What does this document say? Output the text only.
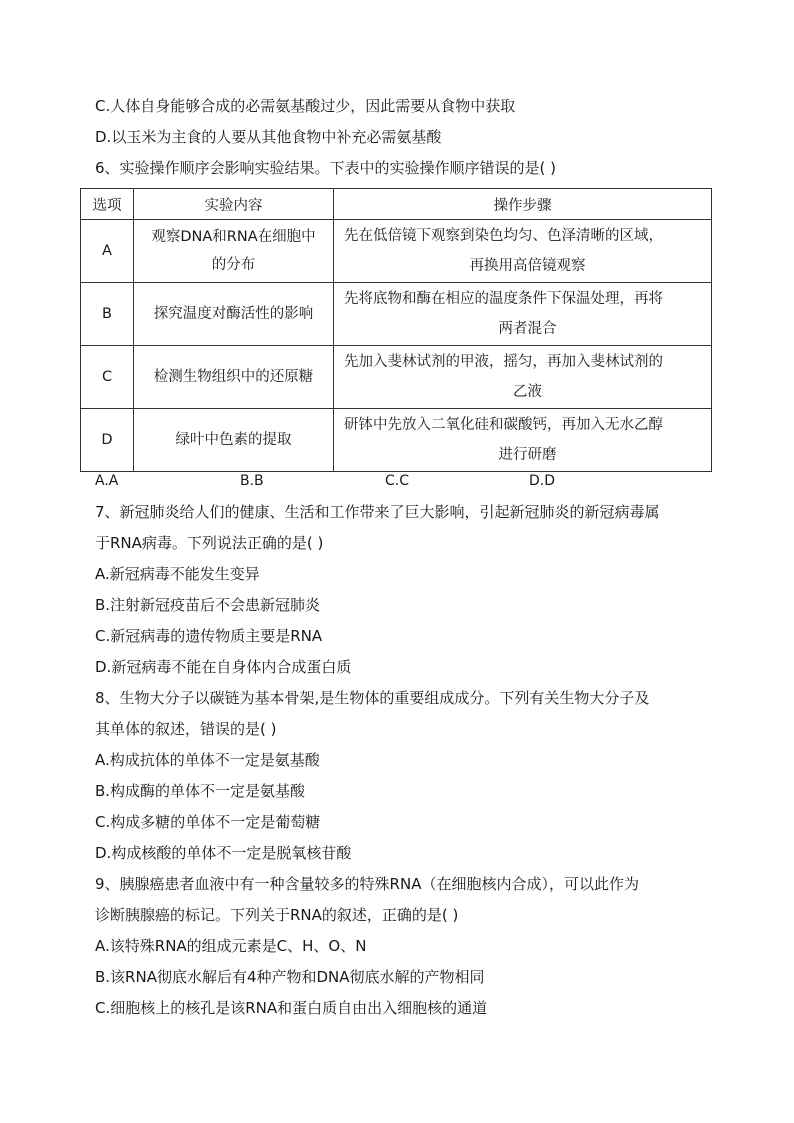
C.人体自身能够合成的必需氨基酸过少，因此需要从食物中获取
D.以玉米为主食的人要从其他食物中补充必需氨基酸
6、实验操作顺序会影响实验结果。下表中的实验操作顺序错误的是( )
选项	实验内容	操作步骤
A	观察DNA和RNA在细胞中
的分布	先在低倍镜下观察到染色均匀、色泽清晰的区域，
再换用高倍镜观察

B	探究温度对酶活性的影响	先将底物和酶在相应的温度条件下保温处理，再将
两者混合

C	检测生物组织中的还原糖	先加入斐林试剂的甲液，摇匀，再加入斐林试剂的
乙液

D	绿叶中色素的提取	研钵中先放入二氧化硅和碳酸钙，再加入无水乙醇
进行研磨
A.A	B.B	C.C	D.D
7、新冠肺炎给人们的健康、生活和工作带来了巨大影响，引起新冠肺炎的新冠病毒属
于RNA病毒。下列说法正确的是( )
A.新冠病毒不能发生变异
B.注射新冠疫苗后不会患新冠肺炎
C.新冠病毒的遗传物质主要是RNA
D.新冠病毒不能在自身体内合成蛋白质
8、生物大分子以碳链为基本骨架,是生物体的重要组成成分。下列有关生物大分子及
其单体的叙述，错误的是( )
A.构成抗体的单体不一定是氨基酸
B.构成酶的单体不一定是氨基酸
C.构成多糖的单体不一定是葡萄糖
D.构成核酸的单体不一定是脱氧核苷酸
9、胰腺癌患者血液中有一种含量较多的特殊RNA（在细胞核内合成），可以此作为
诊断胰腺癌的标记。下列关于RNA的叙述，正确的是( )
A.该特殊RNA的组成元素是C、H、O、N
B.该RNA彻底水解后有4种产物和DNA彻底水解的产物相同
C.细胞核上的核孔是该RNA和蛋白质自由出入细胞核的通道
